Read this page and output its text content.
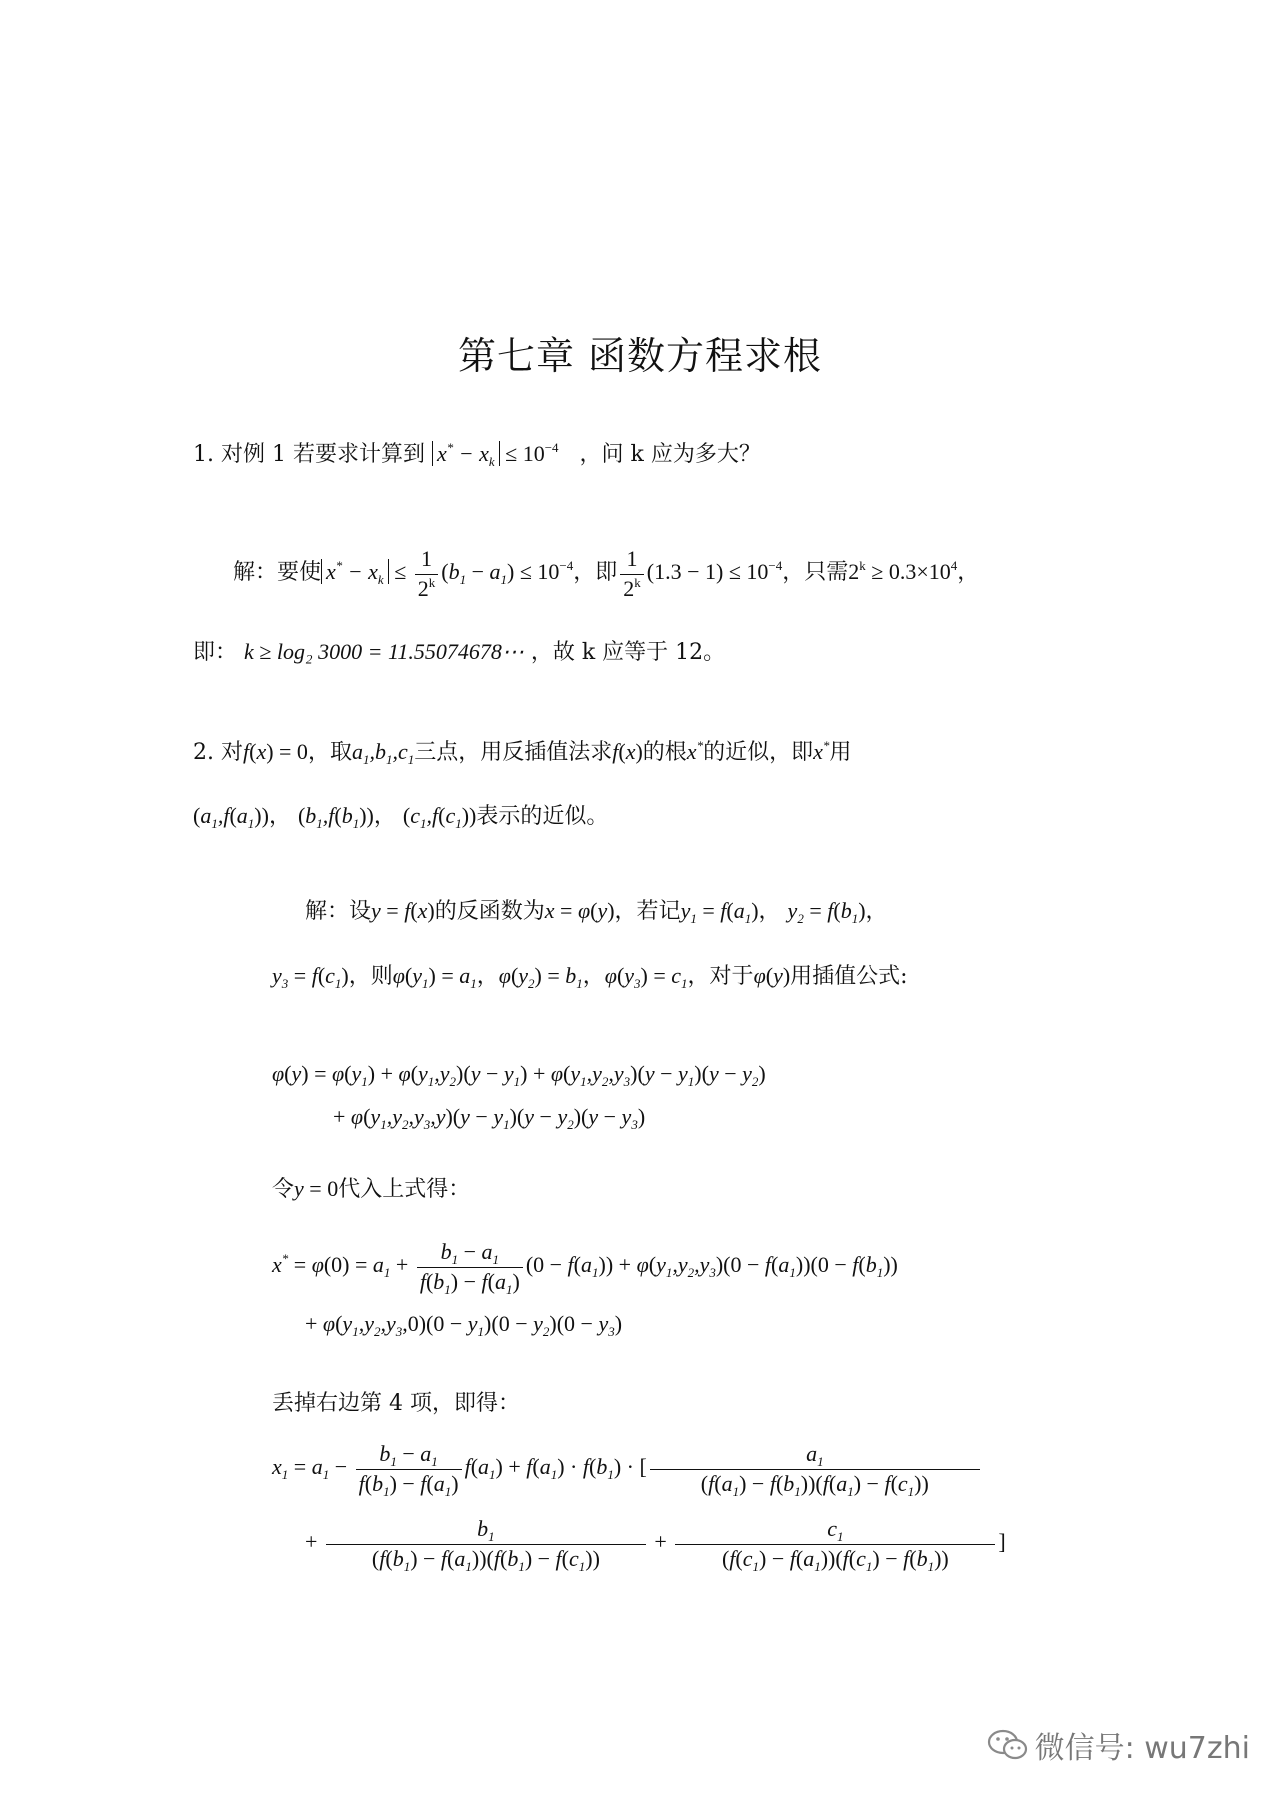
第七章 函数方程求根
1. 对例 1 若要求计算到 $x^* - x_k \le 10^{-4}$ ，问 k 应为多大？
解：要使 $x^* - x_k \le \frac{1}{2^k} (b_1 - a_1) \le 10^{-4}$，即 $\frac{1}{2^k} (1.3 - 1) \le 10^{-4}$，只需$2^k \ge 0.3\times 10^4$，
即： k ≥ log₂ 3000 = 11.55074678⋯ ，故 k 应等于 12。
2. 对f(x) = 0，取$a_1,b_1,c_1$三点，用反插值法求f(x)的根x*的近似，即x*用
$(a_1,f(a_1))$， $(b_1,f(b_1))$， $(c_1,f(c_1))$表示的近似。
解：设y = f(x)的反函数为x = φ(y)，若记$y_1 = f(a_1)$， $y_2 = f(b_1)$，
$y_3 = f(c_1)$，则$\varphi(y_1) = a_1$，$\varphi(y_2) = b_1$，$\varphi(y_3) = c_1$，对于φ(y)用插值公式:
$\varphi(y) = \varphi(y_1) + \varphi(y_1,y_2)(y - y_1) + \varphi(y_1,y_2,y_3)(y - y_1)(y - y_2)$
+ $\varphi(y_1,y_2,y_3,y)(y - y_1)(y - y_2)(y - y_3)$
令y = 0代入上式得：
$x^* = \varphi(0) = a_1 + \frac{b_1 - a_1}{f(b_1) - f(a_1)} (0 - f(a_1)) + \varphi(y_1,y_2,y_3)(0 - f(a_1))(0 - f(b_1))$
+ $\varphi(y_1,y_2,y_3,0)(0 - y_1)(0 - y_2)(0 - y_3)$
丢掉右边第 4 项，即得：
$x_1 = a_1 - \frac{b_1 - a_1}{f(b_1) - f(a_1)} f(a_1) + f(a_1) \cdot f(b_1)$ · [ $\frac{a_1}{(f(a_1) - f(b_1))(f(a_1) - f(c_1))}$
+ $\frac{b_1}{(f(b_1) - f(a_1))(f(b_1) - f(c_1))} + \frac{c_1}{(f(c_1) - f(a_1))(f(c_1) - f(b_1))}$ ]
微信号: wu7zhi
